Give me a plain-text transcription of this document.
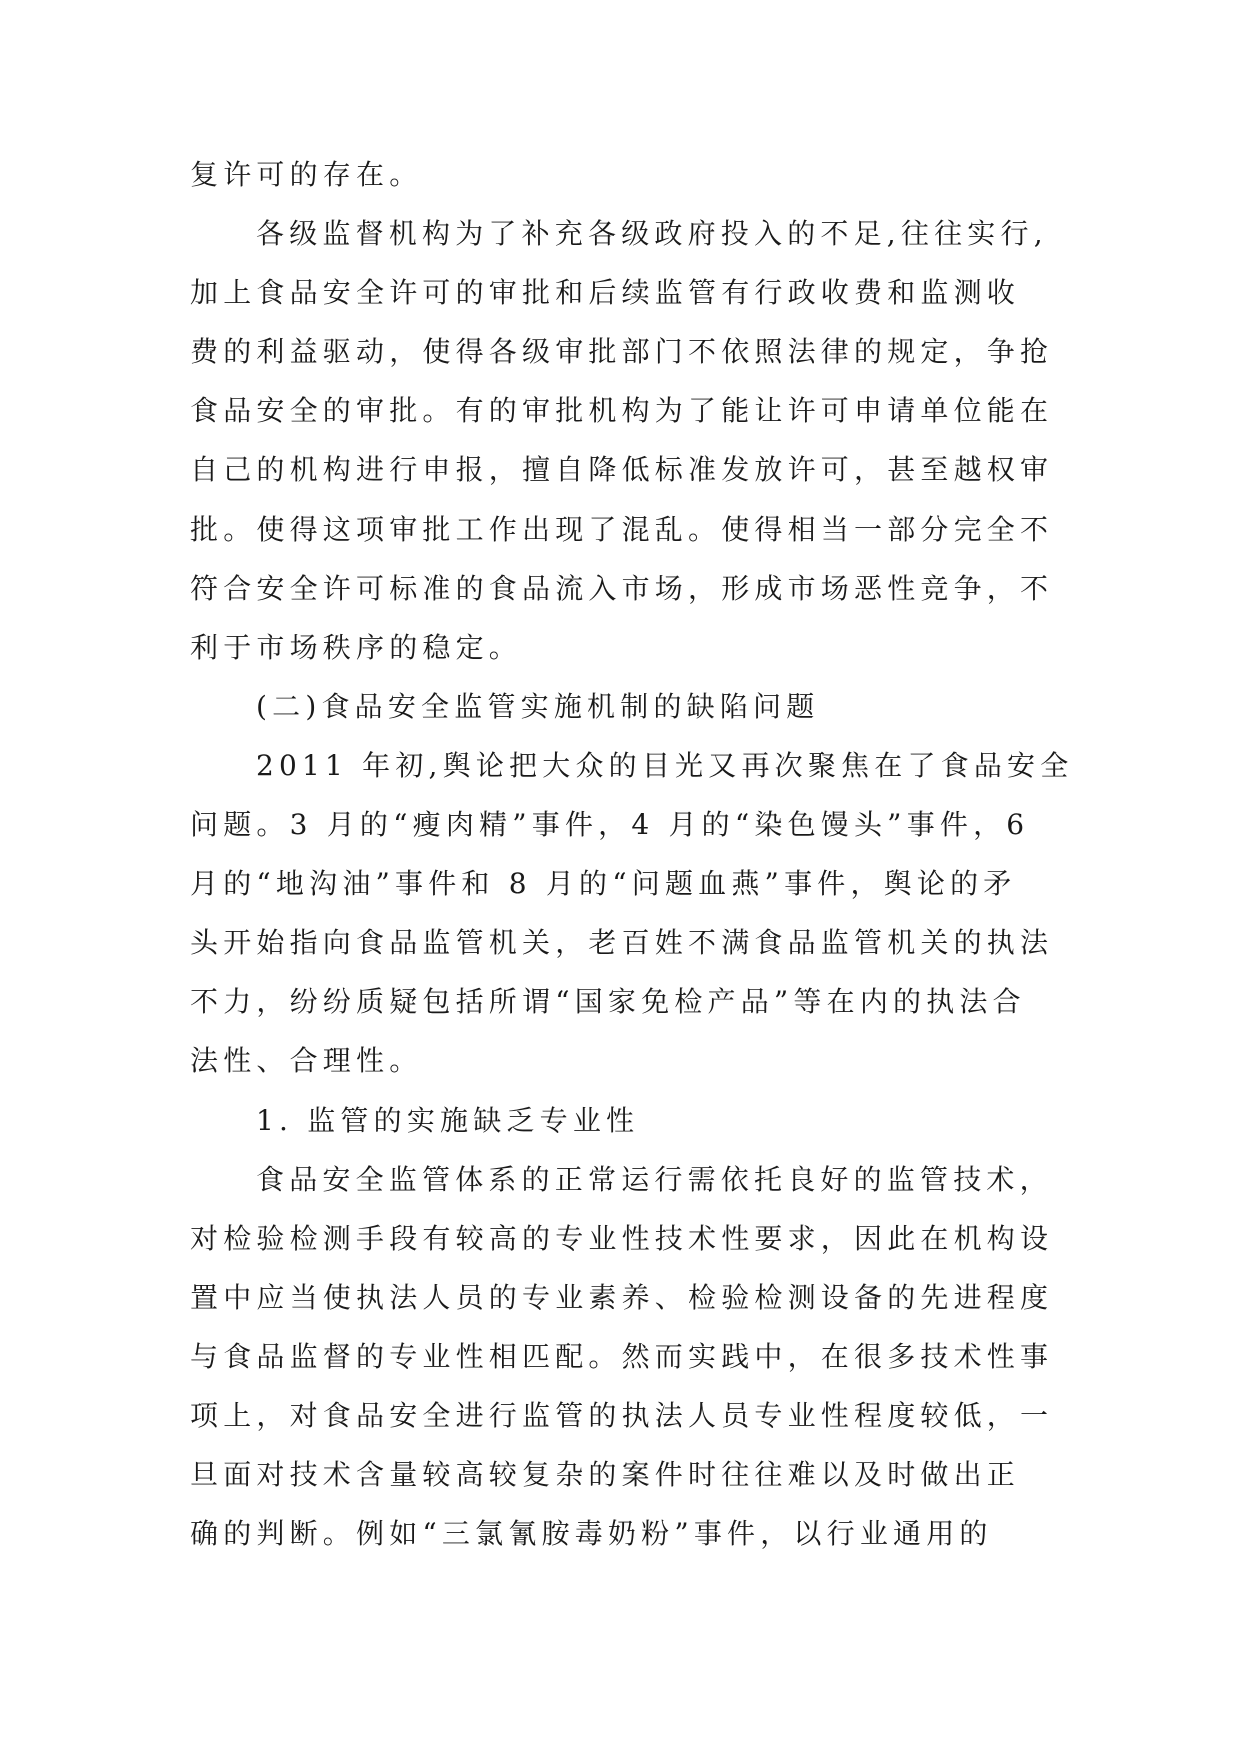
复许可的存在。
各级监督机构为了补充各级政府投入的不足,往往实行,
加上食品安全许可的审批和后续监管有行政收费和监测收
费的利益驱动，使得各级审批部门不依照法律的规定，争抢
食品安全的审批。有的审批机构为了能让许可申请单位能在
自己的机构进行申报，擅自降低标准发放许可，甚至越权审
批。使得这项审批工作出现了混乱。使得相当一部分完全不
符合安全许可标准的食品流入市场，形成市场恶性竞争，不
利于市场秩序的稳定。
(二)食品安全监管实施机制的缺陷问题
2011 年初,舆论把大众的目光又再次聚焦在了食品安全
问题。3 月的“瘦肉精”事件，4 月的“染色馒头”事件，6
月的“地沟油”事件和 8 月的“问题血燕”事件，舆论的矛
头开始指向食品监管机关，老百姓不满食品监管机关的执法
不力，纷纷质疑包括所谓“国家免检产品”等在内的执法合
法性、合理性。
1. 监管的实施缺乏专业性
食品安全监管体系的正常运行需依托良好的监管技术，
对检验检测手段有较高的专业性技术性要求，因此在机构设
置中应当使执法人员的专业素养、检验检测设备的先进程度
与食品监督的专业性相匹配。然而实践中，在很多技术性事
项上，对食品安全进行监管的执法人员专业性程度较低，一
旦面对技术含量较高较复杂的案件时往往难以及时做出正
确的判断。例如“三氯氰胺毒奶粉”事件，以行业通用的
